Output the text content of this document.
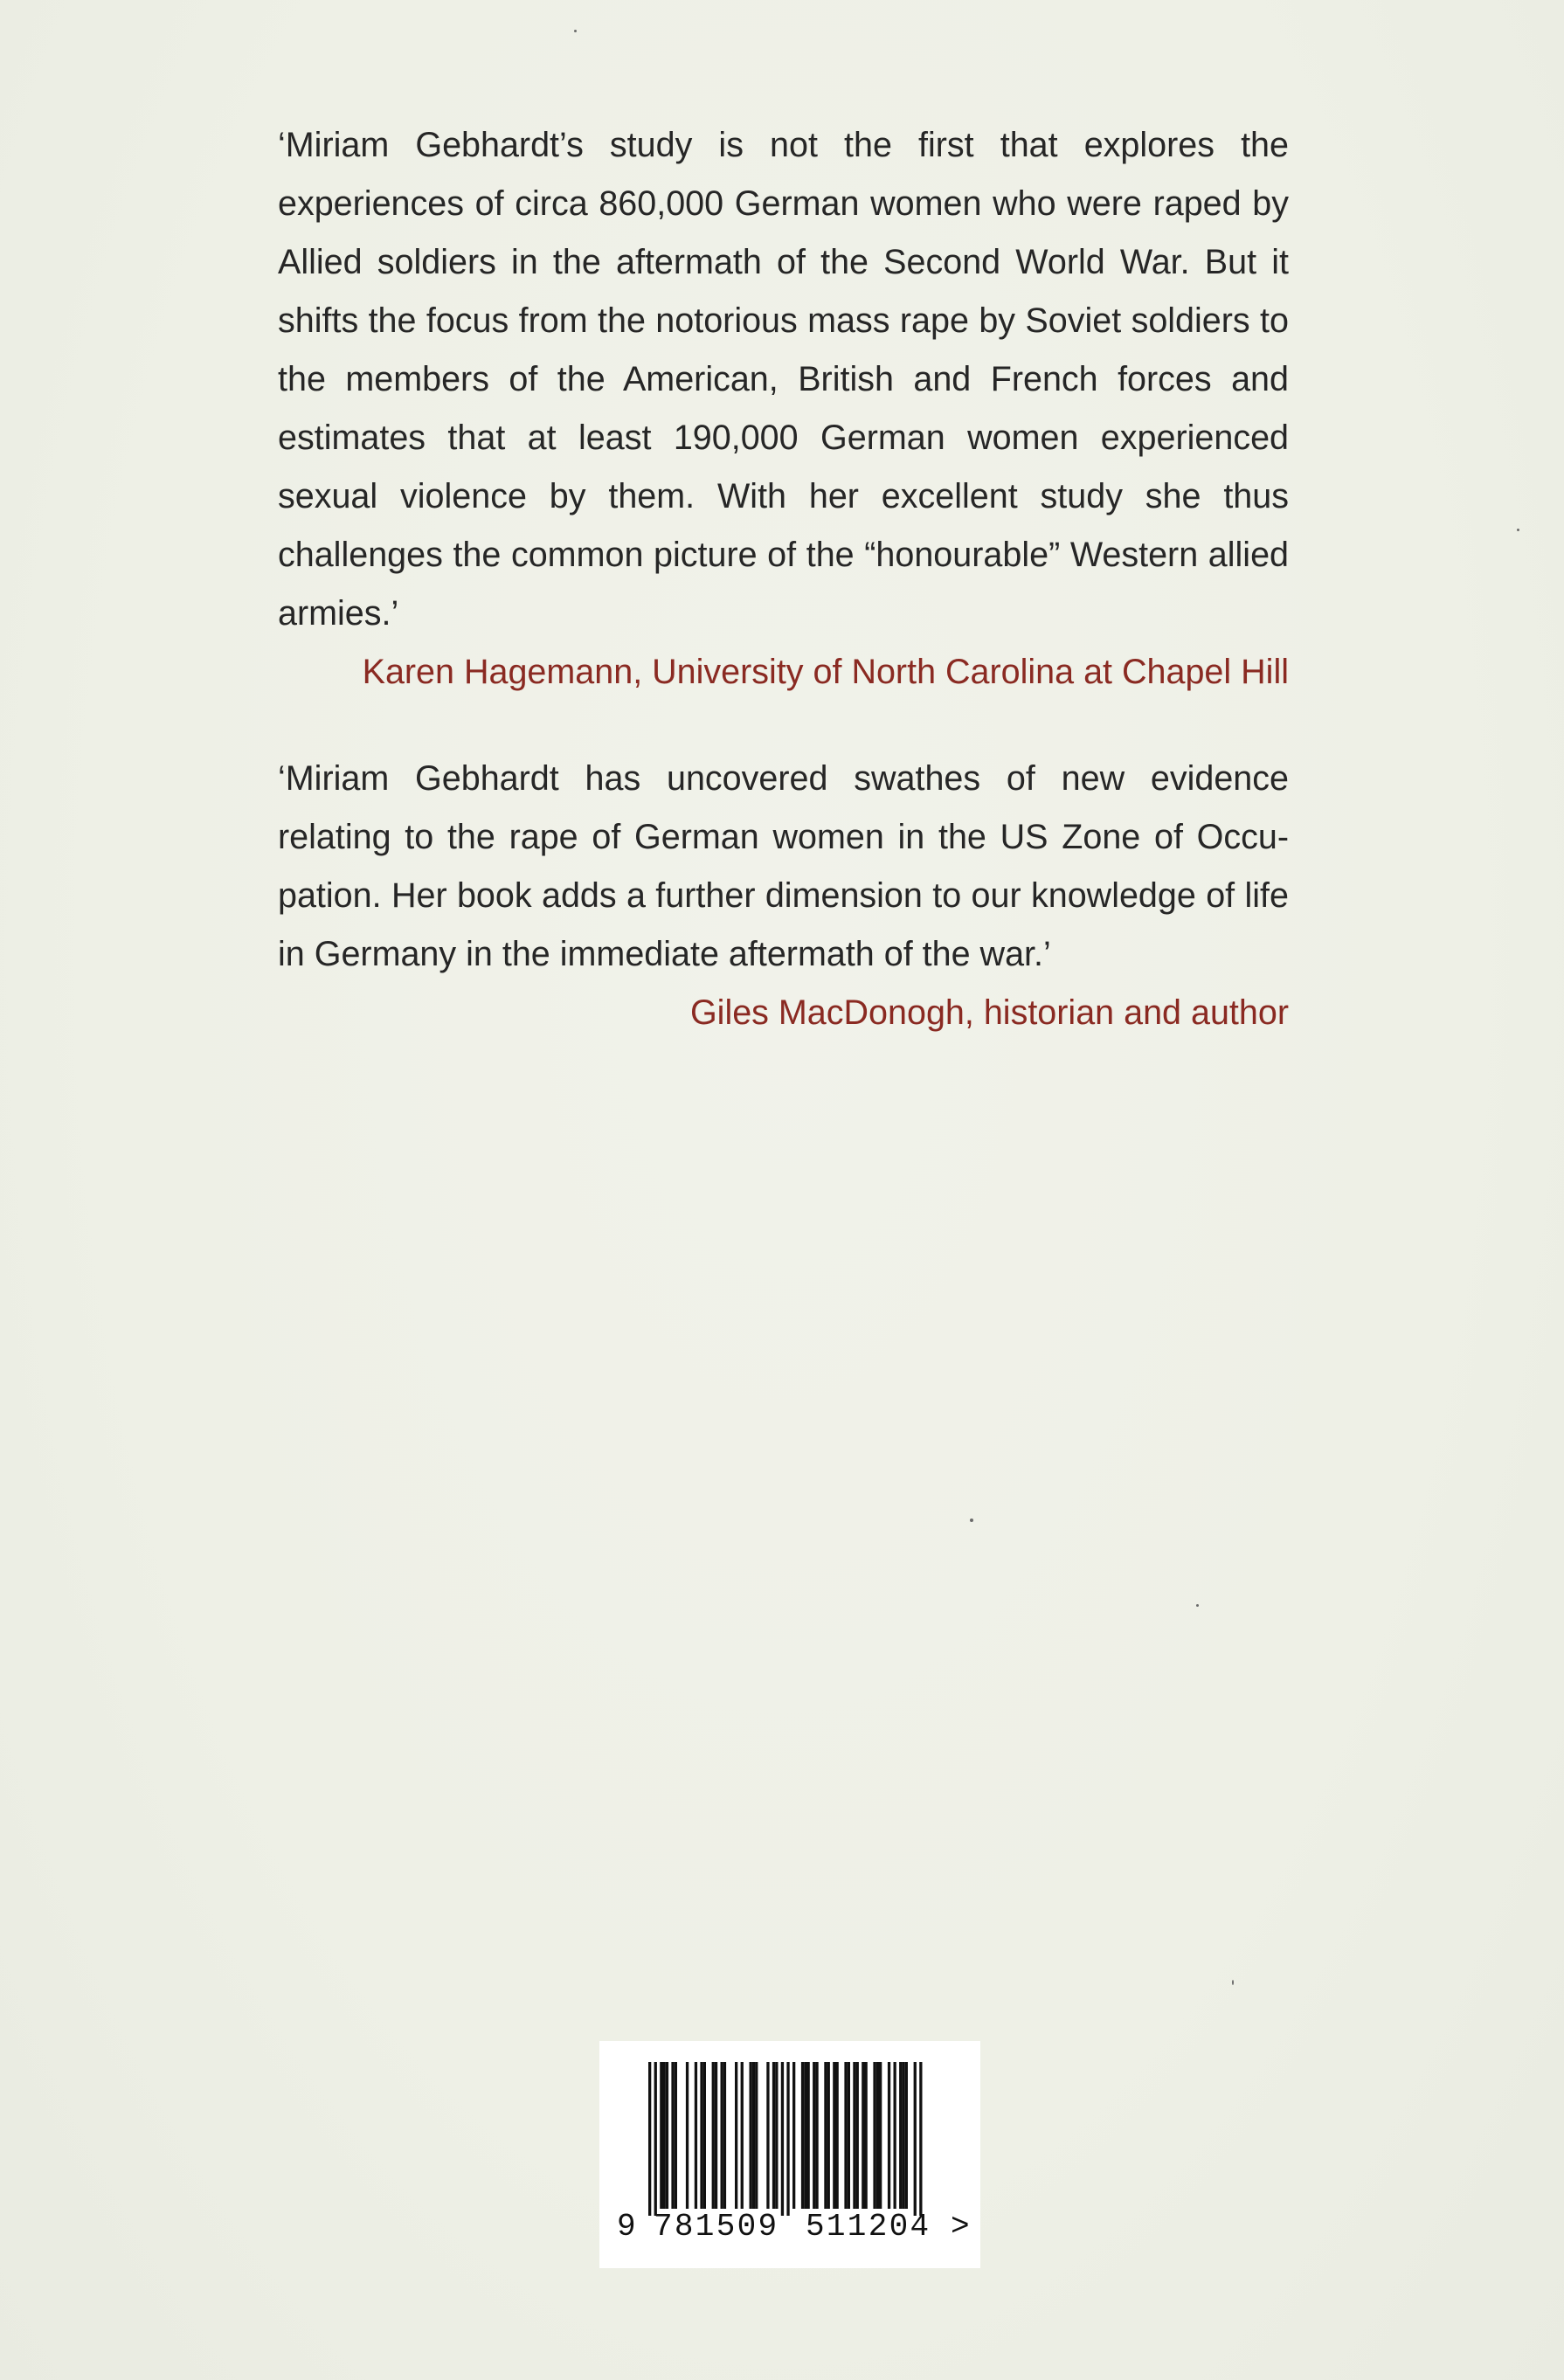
‘Miriam Gebhardt’s study is not the first that explores the experiences of circa 860,000 German women who were raped by Allied soldiers in the aftermath of the Second World War. But it shifts the focus from the notorious mass rape by Soviet soldiers to the members of the American, British and French forces and estimates that at least 190,000 German women experienced sexual violence by them. With her excellent study she thus challenges the common picture of the “honourable” Western allied armies.’

Karen Hagemann, University of North Carolina at Chapel Hill

‘Miriam Gebhardt has uncovered swathes of new evidence relating to the rape of German women in the US Zone of Occupation. Her book adds a further dimension to our knowledge of life in Germany in the immediate aftermath of the war.’

Giles MacDonogh, historian and author

9 781509 511204 >
